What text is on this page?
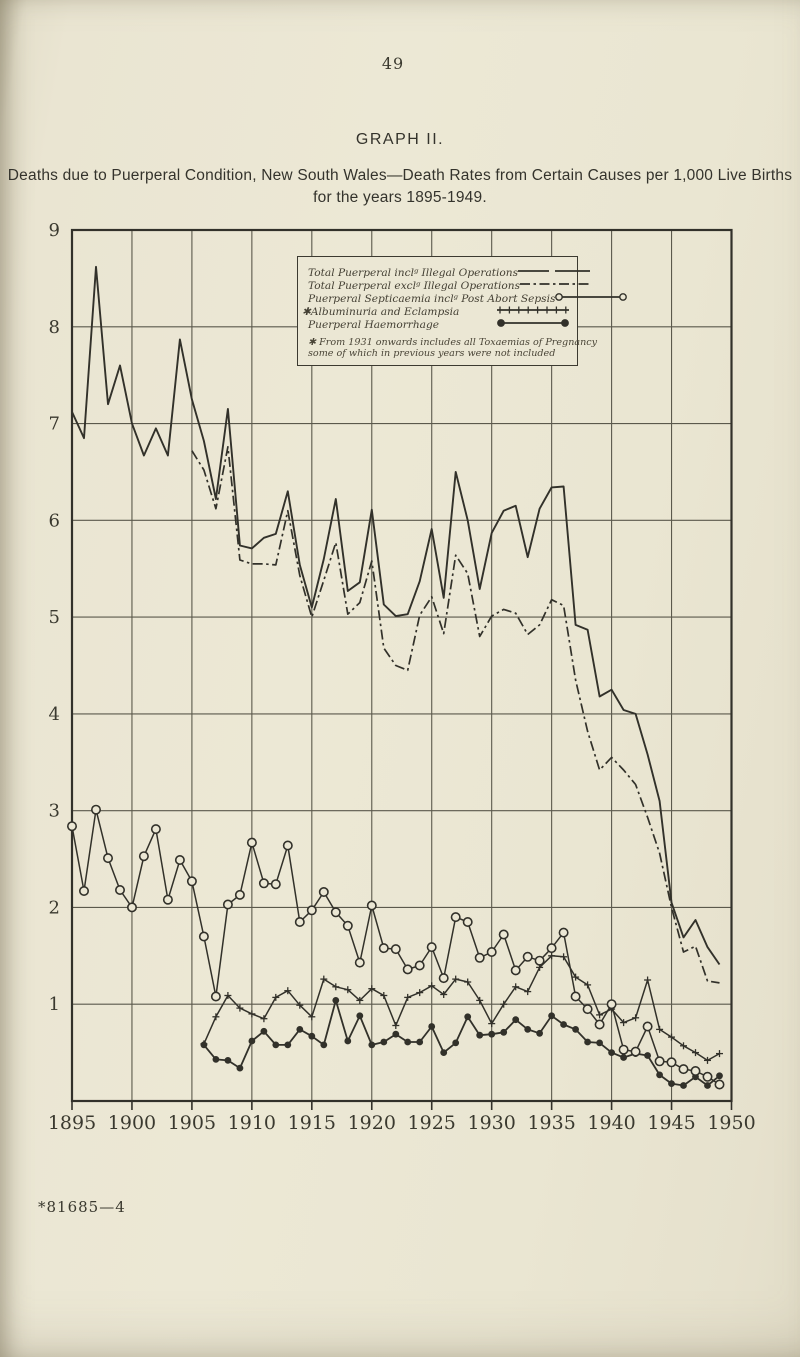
49
GRAPH II.
Deaths due to Puerperal Condition, New South Wales—Death Rates from Certain Causes per 1,000 Live Births
for the years 1895-1949.
1
2
3
4
5
6
7
8
9
1895 1900 1905 1910 1915 1920 1925 1930 1935 1940 1945 1950
Total Puerperal inclᵍ Illegal Operations
Total Puerperal exclᵍ Illegal Operations
Puerperal Septicaemia inclᵍ Post Abort Sepsis
✱Albuminuria and Eclampsia
Puerperal Haemorrhage
✱ From 1931 onwards includes all Toxaemias of Pregnancy
some of which in previous years were not included
*81685—4
